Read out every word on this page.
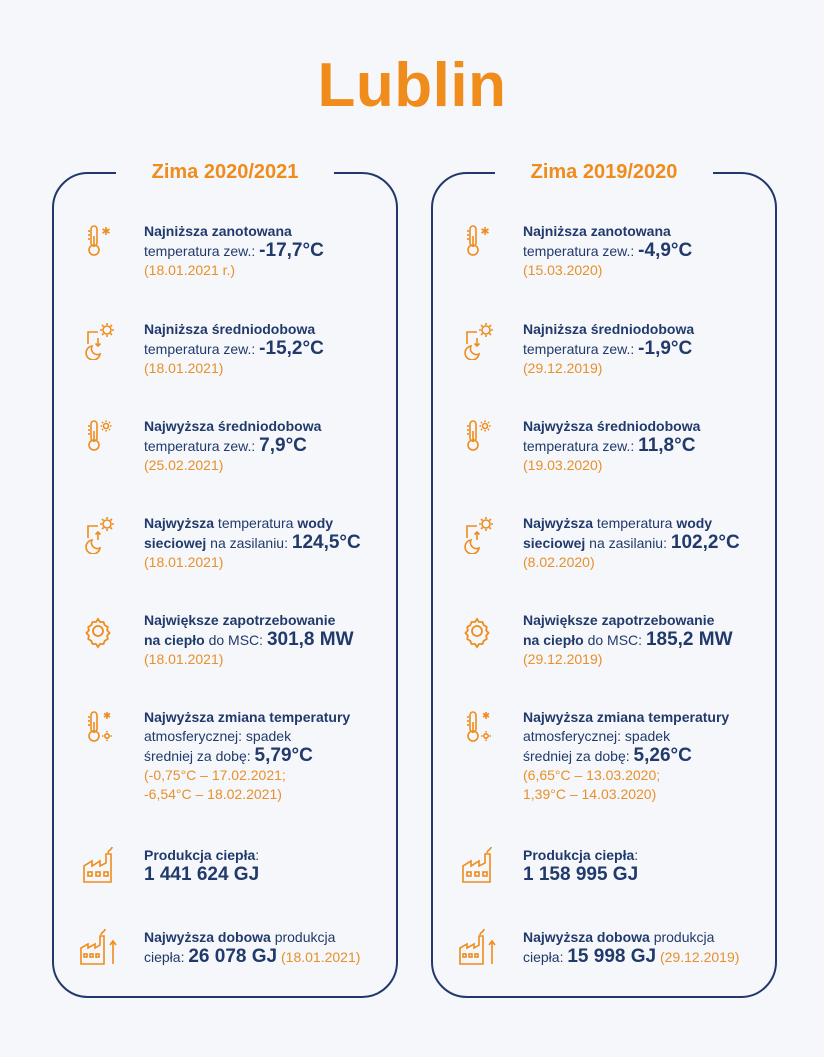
Lublin
Zima 2020/2021
Najniższa zanotowana
temperatura zew.: -17,7°C
(18.01.2021 r.)
Najniższa średniodobowa
temperatura zew.: -15,2°C
(18.01.2021)
Najwyższa średniodobowa
temperatura zew.: 7,9°C
(25.02.2021)
Najwyższa temperatura wody
sieciowej na zasilaniu: 124,5°C
(18.01.2021)
Największe zapotrzebowanie
na ciepło do MSC: 301,8 MW
(18.01.2021)
Najwyższa zmiana temperatury
atmosferycznej: spadek
średniej za dobę: 5,79°C
(-0,75°C – 17.02.2021;
-6,54°C – 18.02.2021)
Produkcja ciepła:
1 441 624 GJ
Najwyższa dobowa produkcja
ciepła: 26 078 GJ (18.01.2021)
Zima 2019/2020
Najniższa zanotowana
temperatura zew.: -4,9°C
(15.03.2020)
Najniższa średniodobowa
temperatura zew.: -1,9°C
(29.12.2019)
Najwyższa średniodobowa
temperatura zew.: 11,8°C
(19.03.2020)
Najwyższa temperatura wody
sieciowej na zasilaniu: 102,2°C
(8.02.2020)
Największe zapotrzebowanie
na ciepło do MSC: 185,2 MW
(29.12.2019)
Najwyższa zmiana temperatury
atmosferycznej: spadek
średniej za dobę: 5,26°C
(6,65°C – 13.03.2020;
1,39°C – 14.03.2020)
Produkcja ciepła:
1 158 995 GJ
Najwyższa dobowa produkcja
ciepła: 15 998 GJ (29.12.2019)
